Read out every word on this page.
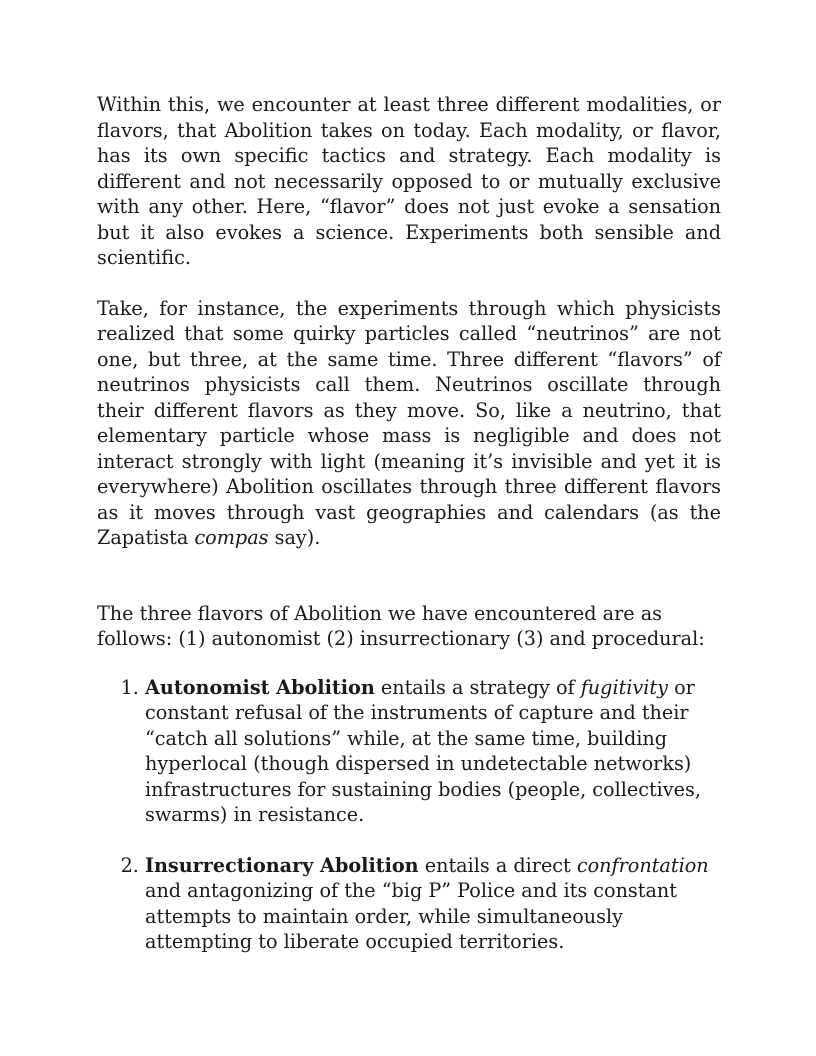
Within this, we encounter at least three different modalities, or flavors, that Abolition takes on today. Each modality, or flavor, has its own specific tactics and strategy. Each modality is different and not necessarily opposed to or mutually exclusive with any other. Here, “flavor” does not just evoke a sensation but it also evokes a science. Experiments both sensible and scientific.

Take, for instance, the experiments through which physicists realized that some quirky particles called “neutrinos” are not one, but three, at the same time. Three different “flavors” of neutrinos physicists call them. Neutrinos oscillate through their different flavors as they move. So, like a neutrino, that elementary particle whose mass is negligible and does not interact strongly with light (meaning it’s invisible and yet it is everywhere) Abolition oscillates through three different flavors as it moves through vast geographies and calendars (as the Zapatista compas say).

The three flavors of Abolition we have encountered are as follows: (1) autonomist (2) insurrectionary (3) and procedural:

1. Autonomist Abolition entails a strategy of fugitivity or constant refusal of the instruments of capture and their “catch all solutions” while, at the same time, building hyperlocal (though dispersed in undetectable networks) infrastructures for sustaining bodies (people, collectives, swarms) in resistance.
2. Insurrectionary Abolition entails a direct confrontation and antagonizing of the “big P” Police and its constant attempts to maintain order, while simultaneously attempting to liberate occupied territories.
